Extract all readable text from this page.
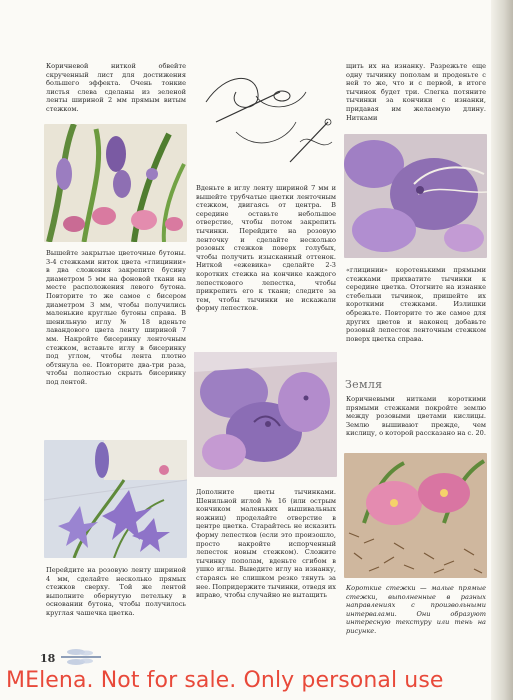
Коричневой ниткой обвейте скрученный лист для достижения большего эффекта. Очень тонкие листья слева сделаны из зеленой ленты шириной 2 мм прямым витым стежком.

Вышейте закрытые цветочные бутоны. 3-4 стежками ниток цвета «глицинии» в два сложения закрепите бусину диаметром 5 мм на фоновой ткани на месте расположения левого бутона. Повторите то же самое с бисером диаметром 3 мм, чтобы получились маленькие круглые бутоны справа. В шенильную иглу № 18 вденьте лавандового цвета ленту шириной 7 мм. Накройте бисеринку ленточным стежком, вставьте иглу в бисеринку под углом, чтобы лента плотно обтянула ее. Повторите два-три раза, чтобы полностью скрыть бисеринку под лентой.

Перейдите на розовую ленту шириной 4 мм, сделайте несколько прямых стежков сверху. Той же лентой выполните обернутую петельку в основании бутона, чтобы получилось круглая чашечка цветка.

Вденьте в иглу ленту шириной 7 мм и вышейте трубчатые цветки ленточным стежком, двигаясь от центра. В середине оставьте небольшое отверстие, чтобы потом закрепить тычинки. Перейдите на розовую ленточку и сделайте несколько розовых стежков поверх голубых, чтобы получить изысканный оттенок. Ниткой «ежевика» сделайте 2-3 коротких стежка на кончике каждого лепесткового лепестка, чтобы прикрепить его к ткани; следите за тем, чтобы тычинки не искажали форму лепестков.

Дополните цветы тычинками. Шенильной иглой № 16 (или острым кончиком маленьких вышивальных ножниц) проделайте отверстие в центре цветка. Старайтесь не исказить форму лепестков (если это произошло, просто накройте испорченный лепесток новым стежком). Сложите тычинку пополам, вденьте сгибом в ушко иглы. Выведите иглу на изнанку, стараясь не слишком резко тянуть за нее. Попридержите тычинки, отведя их вправо, чтобы случайно не вытащить

щить их на изнанку. Разрежьте еще одну тычинку пополам и проденьте с ней то же, что и с первой, в итоге тычинок будет три. Слегка потяните тычинки за кончики с изнанки, придавая им желаемую длину. Нитками

«глицинии» коротенькими прямыми стежками прихватите тычинки к середине цветка. Отогните на изнанке стебельки тычинок, пришейте их короткими стежками. Излишки обрежьте. Повторите то же самое для других цветов и наконец добавьте розовый лепесток ленточным стежком поверх цветка справа.

Земля

Коричневыми нитками короткими прямыми стежками покройте землю между розовыми цветами кислицы. Землю вышивают прежде, чем кислицу, о которой рассказано на с. 20.

Короткие стежки — малые прямые стежки, выполненные в разных направлениях с произвольными интервалами. Они образуют интересную текстуру или тень на рисунке.

18
MElena. Not for sale. Only personal use
